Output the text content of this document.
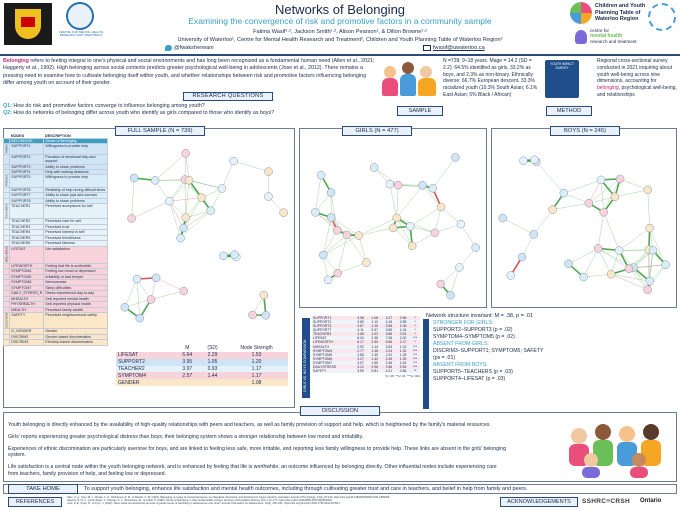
CENTRE FOR MENTAL HEALTH RESEARCH AND TREATMENT
Networks of Belonging
Examining the convergence of risk and promotive factors in a community sample
Fatima Wasif¹·², Jackson Smith¹·², Alison Pearson¹, & Dillon Browne¹·²
University of Waterloo¹, Centre for Mental Health Research and Treatment², Children and Youth Planning Table of Waterloo Region³
@fwaksherwani	fwasif@uwaterloo.ca
Children and Youth Planning Table of Waterloo Region
centre for
mental health
research and treatment
Belonging refers to feeling integral to one's physical and social environments and has long been recognized as a fundamental human need (Allen et al., 2021; Haggerty et al., 1992). High belonging across social contexts predicts greater psychological well-being in adolescents (Jose et al., 2012). There remains a pressing need to examine how to cultivate belonging itself within youth, and whether relationships between risk and promotive factors influencing belonging differ among youth on account of their gender.
RESEARCH QUESTIONS
Q1: How do risk and promotive factors converge to influence belonging among youth?
Q2: How do networks of belonging differ across youth who identify as girls compared to those who identify as boys?
N =739; 9–18 years. Mage = 14.2 (SD = 2.2). 64.5% identified as girls, 33.2% as boys, and 2.3% as non-binary. Ethnically diverse: 66.7% European descent, 33.3% racialized youth (10.3% South Asian; 6.1% East Asian; 5% Black / African)
SAMPLE
YOUTH IMPACT SURVEY
Regional cross-sectional survey conducted in 2021 inquiring about youth well-being across nine dimensions, accounting for belonging, psychological well-being, and relationships
METHOD
FULL SAMPLE (N = 739)	GIRLS (N = 477)	BOYS (N = 245)
	NODES	DESCRIPTION
	BELONGING	Sense of Belonging
FAMILY	SUPPORT1	Willingness to provide help
	SUPPORT2	Provision of emotional help and support
	SUPPORT3	Ability to share problems
	SUPPORT4	Help with making decisions
FRIENDS	SUPPORT5	Willingness to provide help
	SUPPORT6	Reliability of help during difficult times
	SUPPORT7	Ability to share joys and sorrows
	SUPPORT8	Ability to share problems
TEACHERS	TEACHER1	Perceived acceptance for self
	TEACHER2	Perceived care for self
	TEACHER3	Perceived trust
	TEACHER4	Perceived interest in self
	TEACHER5	Perceived friendliness
	TEACHER6	Perceived fairness
WELL-BEING	LIFESAT	Life satisfaction
	LIFEWORTH	Feeling that life is worthwhile
	SYMPTOM4	Feeling low mood or depressed
	SYMPTOM5	Irritability or bad temper
	SYMPTOM6	Nervousness
	SYMPTOM7	Sleep difficulties
	DAILY_STRESS_R	Stress experienced day-to-day
	MHEALTH	Self-reported mental health
	PHYSHEALTH	Self-reported physical health
	WEALTH	Perceived family wealth
SOCIO-DEM	SAFETY	Perceived neighbourhood safety
	G_GENDER	Gender
	DISCRIM2	Gender-based discrimination
	DISCRIM3	Ethnicity-based discrimination
	M	(SD)	Node Strength
LIFESAT	6.64	2.29	1.53
SUPPORT2	3.95	1.05	1.20
TEACHER2	3.97	0.93	1.17
SYMPTOM4	2.57	1.44	1.17
GENDER			1.08	GIRLS VS. BOYS COMPARISON
SUPPORT1	3.98	1.08	4.27	0.96	*
SUPPORT2	3.89	1.10	4.16	0.98	*
SUPPORT3	3.67	1.25	3.98	1.06	*
SUPPORT7	4.11	0.97	3.96	1.04	*
TEACHER3	3.68	1.02	3.86	0.91	*
LIFESAT	6.34	2.38	7.08	2.00	***
LIFEWORTH	6.17	2.50	6.86	2.27	*
MHEALTH	2.92	1.14	3.53	1.02	***
SYMPTOM4	2.77	1.48	2.24	1.32	***
SYMPTOM5	2.88	1.35	2.22	1.28	***
SYMPTOM6	3.27	1.42	2.49	1.39	***
SYMPTOM7	3.07	1.55	2.46	1.52	***
DAILYSTRESS	3.12	0.96	2.56	0.94	***
SAFETY	3.99	0.81	4.21	0.86	**
*p<.05; **p<.01; ***p<.001
Network structure invariant: M = .38, p = .01
STRONGER FOR GIRLS:
SUPPORT2–SUPPORT3 (p = .02)
SYMPTOM4–SYMPTOM5 (p = .02)
ABSENT FROM GIRLS:
DISCRIM3–SUPPORT1; SYMPTOM5; SAFETY
(ps = .01)
ABSENT FROM BOYS:
SUPPORT5–TEACHERS (p = .03)
SUPPORT4–LIFESAT (p = .03)
DISCUSSION

Youth belonging is directly enhanced by the availability of high-quality relationships with peers and teachers, as well as family provision of support and help, which is heightened by the family's material resources.

Girls' reports experiencing greater psychological distress than boys; their belonging system shows a stronger relationship between low mood and irritability.

Experiences of ethnic discrimination are particularly aversive for boys, and are linked to feeling less safe, more irritable, and reporting less family willingness to provide help. These links are absent in the girls' belonging system.

Life satisfaction is a central node within the youth belonging network, and is enhanced by feeling that life is worthwhile, an outcome influenced by belonging directly. Other influential nodes include experiencing care from teachers, family provision of help, and feeling low or depressed.

TAKE HOME	To support youth belonging, enhance life satisfaction and mental health outcomes, including through cultivating greater trust and care in teachers, and belief in help from family and peers.
REFERENCES
Allen, K. A., Kern, M. L., Rozek, C. S., McInerney, D. M., & Slavich, G. M. (2021). Belonging: a review of conceptual issues, an integrative framework, and directions for future research. Australian Journal of Psychology, 73(1), 87-102. https://doi.org/10.1080/00049530.2021.1883409
Hagerty, B. M. K., Lynch-Sauer, J., Patusky, K. L., Bouwsema, M., & Collier, P. (1992). Sense of belonging: A vital mental health concept. Archives of Psychiatric Nursing, 6(3), 172–177. https://doi.org/10.1016/0883-9417(92)90028-H
Jose, P. E., Ryan, N., & Pryor, J. (2012). Does social connectedness promote a greater sense of well-being in adolescence over time? Journal of Research on Adolescence, 22(2), 235–251. https://doi.org/10.1111/j.1532-7795.2012.00783.x	ACKNOWLEDGEMENTS	SSHRC≡CRSH Ontario
